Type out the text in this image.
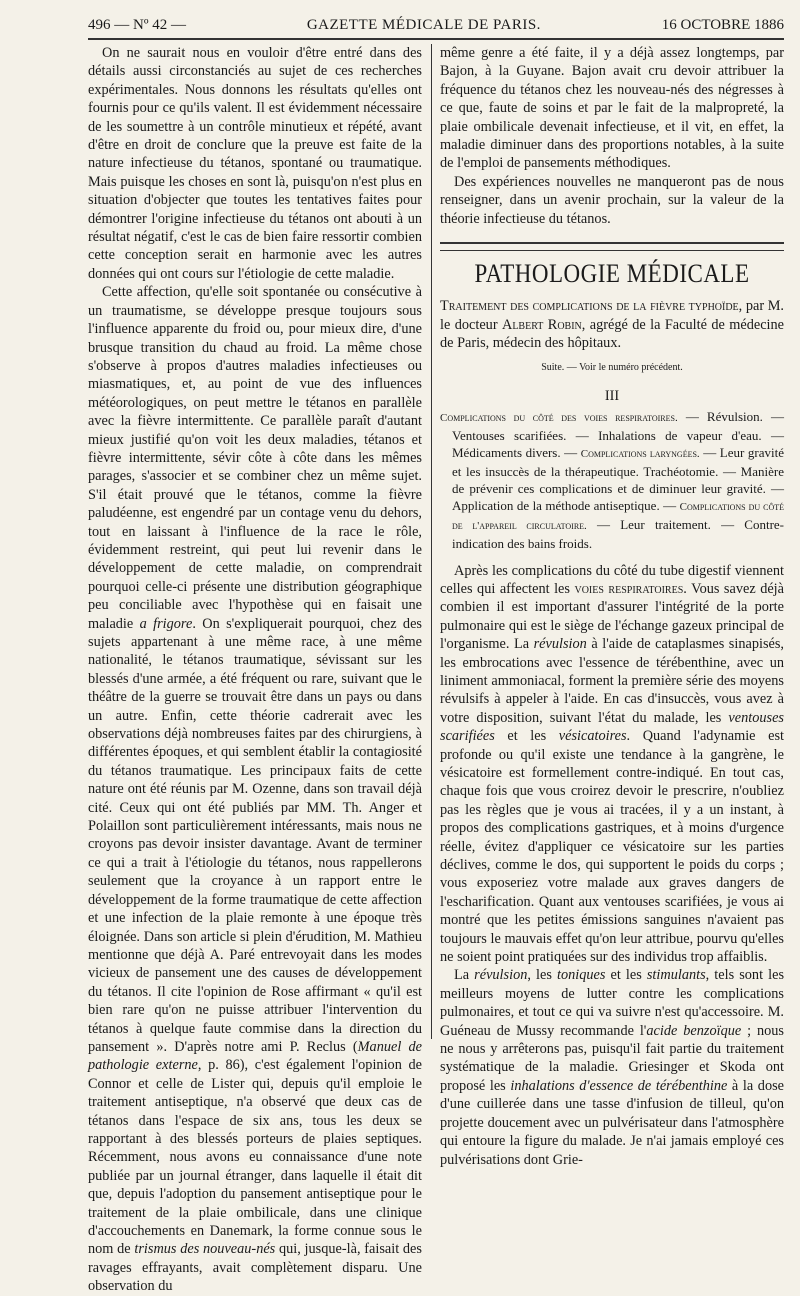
496 — Nº 42 —	GAZETTE MÉDICALE DE PARIS.	16 OCTOBRE 1886

On ne saurait nous en vouloir d'être entré dans des détails aussi circonstanciés au sujet de ces recherches expérimentales. Nous donnons les résultats qu'elles ont fournis pour ce qu'ils valent. Il est évidemment nécessaire de les soumettre à un contrôle minutieux et répété, avant d'être en droit de conclure que la preuve est faite de la nature infectieuse du tétanos, spontané ou traumatique. Mais puisque les choses en sont là, puisqu'on n'est plus en situation d'objecter que toutes les tentatives faites pour démontrer l'origine infectieuse du tétanos ont abouti à un résultat négatif, c'est le cas de bien faire ressortir combien cette conception serait en harmonie avec les autres données qui ont cours sur l'étiologie de cette maladie.

Cette affection, qu'elle soit spontanée ou consécutive à un traumatisme, se développe presque toujours sous l'influence apparente du froid ou, pour mieux dire, d'une brusque transition du chaud au froid. La même chose s'observe à propos d'autres maladies infectieuses ou miasmatiques, et, au point de vue des influences météorologiques, on peut mettre le tétanos en parallèle avec la fièvre intermittente. Ce parallèle paraît d'autant mieux justifié qu'on voit les deux maladies, tétanos et fièvre intermittente, sévir côte à côte dans les mêmes parages, s'associer et se combiner chez un même sujet. S'il était prouvé que le tétanos, comme la fièvre paludéenne, est engendré par un contage venu du dehors, tout en laissant à l'influence de la race le rôle, évidemment restreint, qui peut lui revenir dans le développement de cette maladie, on comprendrait pourquoi celle-ci présente une distribution géographique peu conciliable avec l'hypothèse qui en faisait une maladie a frigore. On s'expliquerait pourquoi, chez des sujets appartenant à une même race, à une même nationalité, le tétanos traumatique, sévissant sur les blessés d'une armée, a été fréquent ou rare, suivant que le théâtre de la guerre se trouvait être dans un pays ou dans un autre. Enfin, cette théorie cadrerait avec les observations déjà nombreuses faites par des chirurgiens, à différentes époques, et qui semblent établir la contagiosité du tétanos traumatique. Les principaux faits de cette nature ont été réunis par M. Ozenne, dans son travail déjà cité. Ceux qui ont été publiés par MM. Th. Anger et Polaillon sont particulièrement intéressants, mais nous ne croyons pas devoir insister davantage. Avant de terminer ce qui a trait à l'étiologie du tétanos, nous rappellerons seulement que la croyance à un rapport entre le développement de la forme traumatique de cette affection et une infection de la plaie remonte à une époque très éloignée. Dans son article si plein d'érudition, M. Mathieu mentionne que déjà A. Paré entrevoyait dans les modes vicieux de pansement une des causes de développement du tétanos. Il cite l'opinion de Rose affirmant « qu'il est bien rare qu'on ne puisse attribuer l'intervention du tétanos à quelque faute commise dans la direction du pansement ». D'après notre ami P. Reclus (Manuel de pathologie externe, p. 86), c'est également l'opinion de Connor et celle de Lister qui, depuis qu'il emploie le traitement antiseptique, n'a observé que deux cas de tétanos dans l'espace de six ans, tous les deux se rapportant à des blessés porteurs de plaies septiques. Récemment, nous avons eu connaissance d'une note publiée par un journal étranger, dans laquelle il était dit que, depuis l'adoption du pansement antiseptique pour le traitement de la plaie ombilicale, dans une clinique d'accouchements en Danemark, la forme connue sous le nom de trismus des nouveau-nés qui, jusque-là, faisait des ravages effrayants, avait complètement disparu. Une observation du

même genre a été faite, il y a déjà assez longtemps, par Bajon, à la Guyane. Bajon avait cru devoir attribuer la fréquence du tétanos chez les nouveau-nés des négresses à ce que, faute de soins et par le fait de la malpropreté, la plaie ombilicale devenait infectieuse, et il vit, en effet, la maladie diminuer dans des proportions notables, à la suite de l'emploi de pansements méthodiques.

Des expériences nouvelles ne manqueront pas de nous renseigner, dans un avenir prochain, sur la valeur de la théorie infectieuse du tétanos.

PATHOLOGIE MÉDICALE

Traitement des complications de la fièvre typhoïde, par M. le docteur Albert Robin, agrégé de la Faculté de médecine de Paris, médecin des hôpitaux.

Suite. — Voir le numéro précédent.

III

Complications du côté des voies respiratoires. — Révulsion. — Ventouses scarifiées. — Inhalations de vapeur d'eau. — Médicaments divers. — Complications laryngées. — Leur gravité et les insuccès de la thérapeutique. Trachéotomie. — Manière de prévenir ces complications et de diminuer leur gravité. — Application de la méthode antiseptique. — Complications du côté de l'appareil circulatoire. — Leur traitement. — Contre-indication des bains froids.

Après les complications du côté du tube digestif viennent celles qui affectent les voies respiratoires. Vous savez déjà combien il est important d'assurer l'intégrité de la porte pulmonaire qui est le siège de l'échange gazeux principal de l'organisme. La révulsion à l'aide de cataplasmes sinapisés, les embrocations avec l'essence de térébenthine, avec un liniment ammoniacal, forment la première série des moyens révulsifs à appeler à l'aide. En cas d'insuccès, vous avez à votre disposition, suivant l'état du malade, les ventouses scarifiées et les vésicatoires. Quand l'adynamie est profonde ou qu'il existe une tendance à la gangrène, le vésicatoire est formellement contre-indiqué. En tout cas, chaque fois que vous croirez devoir le prescrire, n'oubliez pas les règles que je vous ai tracées, il y a un instant, à propos des complications gastriques, et à moins d'urgence réelle, évitez d'appliquer ce vésicatoire sur les parties déclives, comme le dos, qui supportent le poids du corps ; vous exposeriez votre malade aux graves dangers de l'escharification. Quant aux ventouses scarifiées, je vous ai montré que les petites émissions sanguines n'avaient pas toujours le mauvais effet qu'on leur attribue, pourvu qu'elles ne soient point pratiquées sur des individus trop affaiblis.

La révulsion, les toniques et les stimulants, tels sont les meilleurs moyens de lutter contre les complications pulmonaires, et tout ce qui va suivre n'est qu'accessoire. M. Guéneau de Mussy recommande l'acide benzoïque ; nous ne nous y arrêterons pas, puisqu'il fait partie du traitement systématique de la maladie. Griesinger et Skoda ont proposé les inhalations d'essence de térébenthine à la dose d'une cuillerée dans une tasse d'infusion de tilleul, qu'on projette doucement avec un pulvérisateur dans l'atmosphère qui entoure la figure du malade. Je n'ai jamais employé ces pulvérisations dont Grie-
